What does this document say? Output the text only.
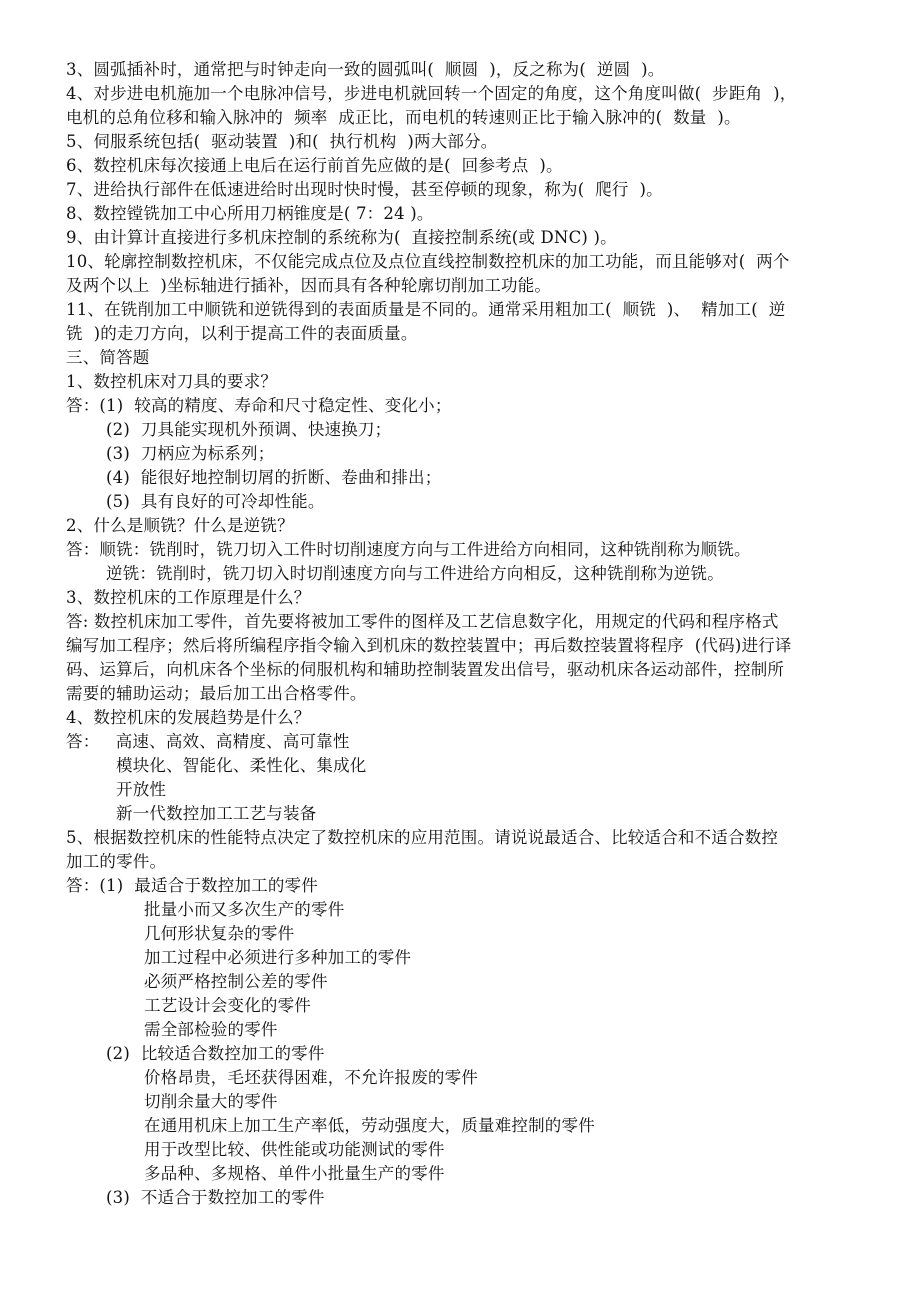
3、圆弧插补时，通常把与时钟走向一致的圆弧叫(  顺圆  )，反之称为(  逆圆  )。

4、对步进电机施加一个电脉冲信号，步进电机就回转一个固定的角度，这个角度叫做(  步距角  )，

电机的总角位移和输入脉冲的  频率  成正比，而电机的转速则正比于输入脉冲的(  数量  )。

5、伺服系统包括(  驱动装置  )和(  执行机构  )两大部分。

6、数控机床每次接通上电后在运行前首先应做的是(  回参考点  )。

7、进给执行部件在低速进给时出现时快时慢，甚至停顿的现象，称为(  爬行  )。

8、数控镗铣加工中心所用刀柄锥度是( 7：24 )。

9、由计算计直接进行多机床控制的系统称为(  直接控制系统(或 DNC) )。

10、轮廓控制数控机床，不仅能完成点位及点位直线控制数控机床的加工功能，而且能够对(  两个

及两个以上  )坐标轴进行插补，因而具有各种轮廓切削加工功能。

11、在铣削加工中顺铣和逆铣得到的表面质量是不同的。通常采用粗加工(  顺铣  )、  精加工(  逆

铣  )的走刀方向，以利于提高工件的表面质量。

三、简答题

1、数控机床对刀具的要求？

答：(1)  较高的精度、寿命和尺寸稳定性、变化小；

(2)  刀具能实现机外预调、快速换刀；

(3)  刀柄应为标系列；

(4)  能很好地控制切屑的折断、卷曲和排出；

(5)  具有良好的可冷却性能。

2、什么是顺铣？什么是逆铣？

答：顺铣：铣削时，铣刀切入工件时切削速度方向与工件进给方向相同，这种铣削称为顺铣。

逆铣：铣削时，铣刀切入时切削速度方向与工件进给方向相反，这种铣削称为逆铣。

3、数控机床的工作原理是什么？

答: 数控机床加工零件，首先要将被加工零件的图样及工艺信息数字化，用规定的代码和程序格式

编写加工程序；然后将所编程序指令输入到机床的数控装置中；再后数控装置将程序  (代码)进行译

码、运算后，向机床各个坐标的伺服机构和辅助控制装置发出信号，驱动机床各运动部件，控制所

需要的辅助运动；最后加工出合格零件。

4、数控机床的发展趋势是什么？

答：   高速、高效、高精度、高可靠性

模块化、智能化、柔性化、集成化

开放性

新一代数控加工工艺与装备

5、根据数控机床的性能特点决定了数控机床的应用范围。请说说最适合、比较适合和不适合数控

加工的零件。

答：(1)  最适合于数控加工的零件

批量小而又多次生产的零件

几何形状复杂的零件

加工过程中必须进行多种加工的零件

必须严格控制公差的零件

工艺设计会变化的零件

需全部检验的零件

(2)  比较适合数控加工的零件

价格昂贵，毛坯获得困难，不允许报废的零件

切削余量大的零件

在通用机床上加工生产率低，劳动强度大，质量难控制的零件

用于改型比较、供性能或功能测试的零件

多品种、多规格、单件小批量生产的零件

(3)  不适合于数控加工的零件
